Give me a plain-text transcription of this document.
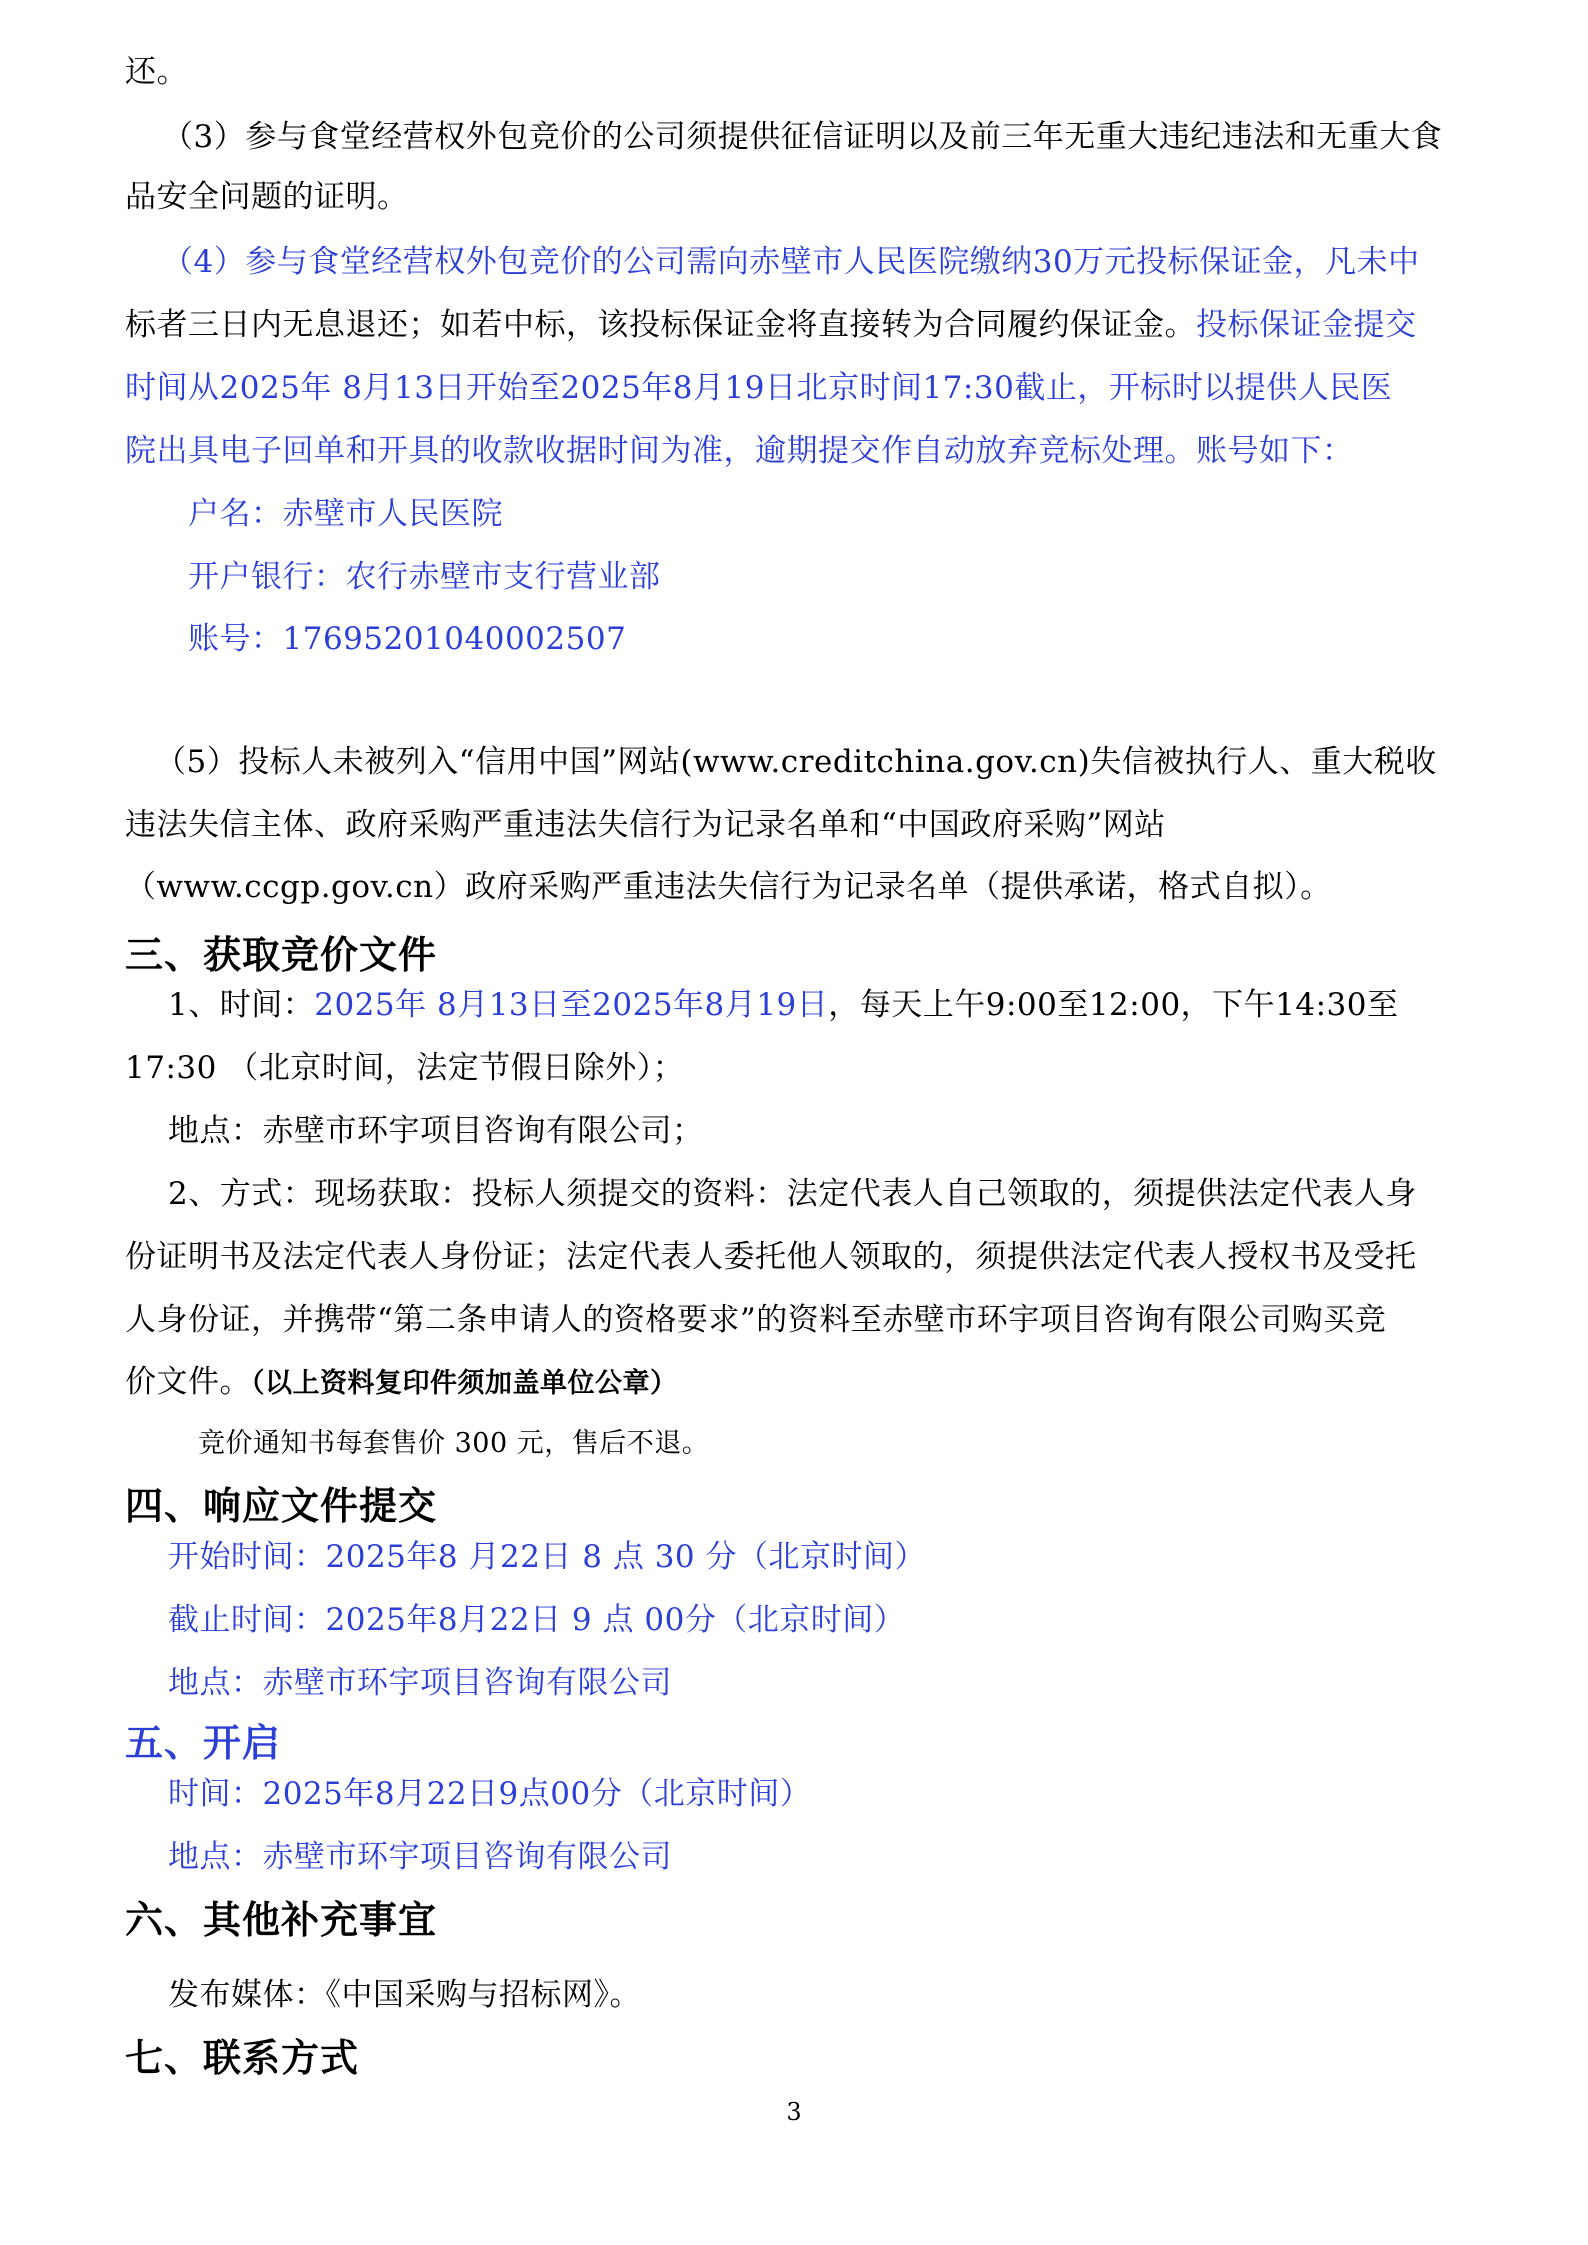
还。
（3）参与食堂经营权外包竞价的公司须提供征信证明以及前三年无重大违纪违法和无重大食
品安全问题的证明。
（4）参与食堂经营权外包竞价的公司需向赤壁市人民医院缴纳30万元投标保证金，凡未中
标者三日内无息退还；如若中标，该投标保证金将直接转为合同履约保证金。投标保证金提交
时间从2025年 8月13日开始至2025年8月19日北京时间17:30截止，开标时以提供人民医
院出具电子回单和开具的收款收据时间为准，逾期提交作自动放弃竞标处理。账号如下：
户名：赤壁市人民医院
开户银行：农行赤壁市支行营业部
账号：17695201040002507
（5）投标人未被列入“信用中国”网站(www.creditchina.gov.cn)失信被执行人、重大税收
违法失信主体、政府采购严重违法失信行为记录名单和“中国政府采购”网站
（www.ccgp.gov.cn）政府采购严重违法失信行为记录名单（提供承诺，格式自拟）。
三、获取竞价文件
1、时间：2025年 8月13日至2025年8月19日，每天上午9:00至12:00，下午14:30至
17:30 （北京时间，法定节假日除外）；
地点：赤壁市环宇项目咨询有限公司；
2、方式：现场获取：投标人须提交的资料：法定代表人自己领取的，须提供法定代表人身
份证明书及法定代表人身份证；法定代表人委托他人领取的，须提供法定代表人授权书及受托
人身份证，并携带“第二条申请人的资格要求”的资料至赤壁市环宇项目咨询有限公司购买竞
价文件。（以上资料复印件须加盖单位公章）
竞价通知书每套售价 300 元，售后不退。
四、响应文件提交
开始时间：2025年8 月22日 8 点 30 分（北京时间）
截止时间：2025年8月22日 9 点 00分（北京时间）
地点：赤壁市环宇项目咨询有限公司
五、开启
时间：2025年8月22日9点00分（北京时间）
地点：赤壁市环宇项目咨询有限公司
六、其他补充事宜
发布媒体：《中国采购与招标网》。
七、联系方式
3
